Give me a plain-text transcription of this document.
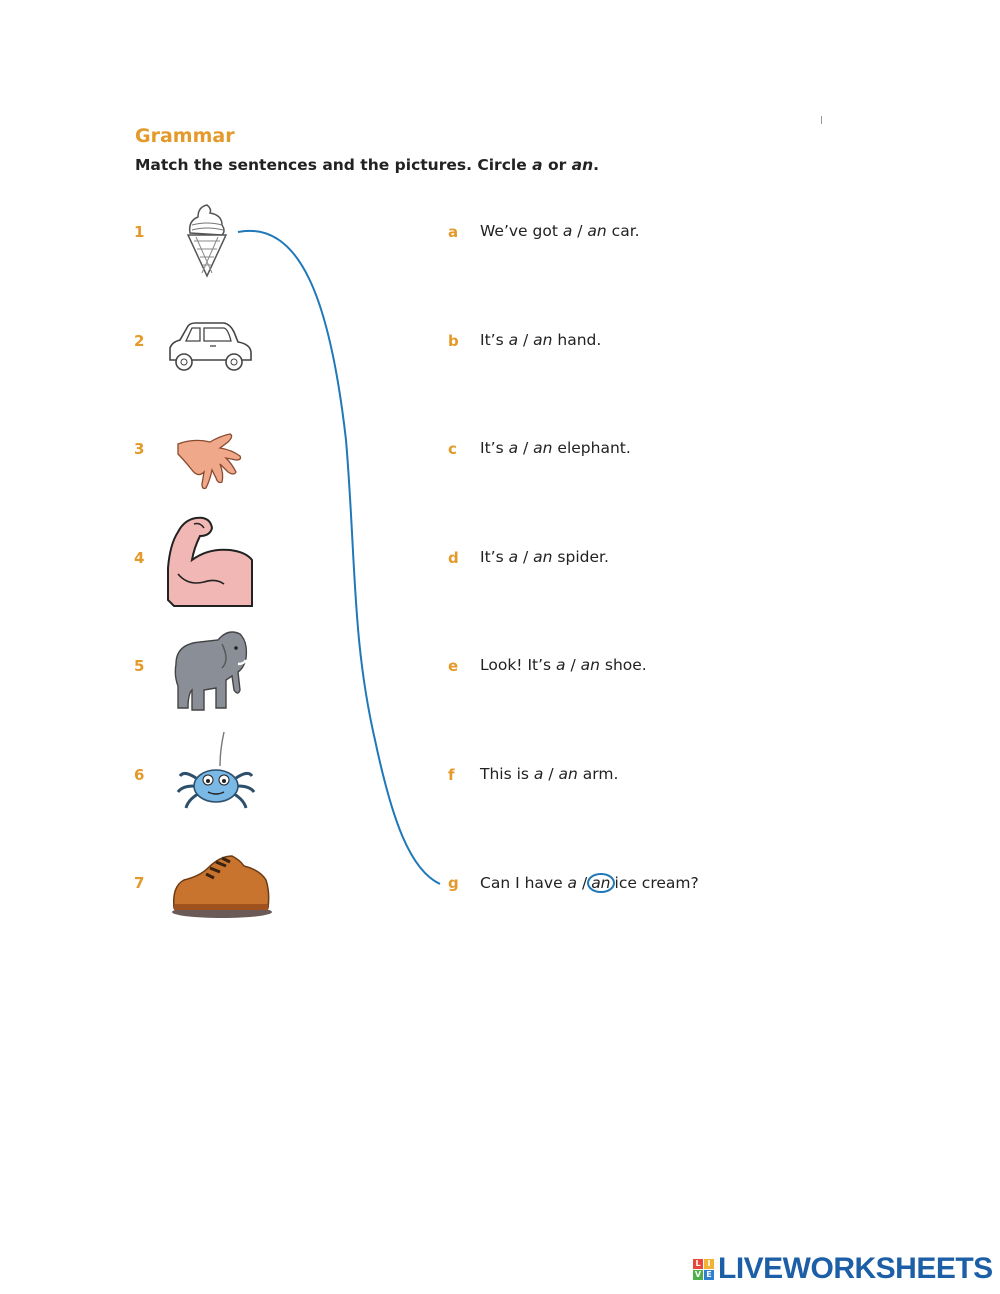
Grammar
Match the sentences and the pictures. Circle a or an.
1
2
3
4
5
6
7
a
b
c
d
e
f
g
We’ve got a / an car.
It’s a / an hand.
It’s a / an elephant.
It’s a / an spider.
Look! It’s a / an shoe.
This is a / an arm.
Can I have a / an ice cream?
L I
V E LIVEWORKSHEETS
